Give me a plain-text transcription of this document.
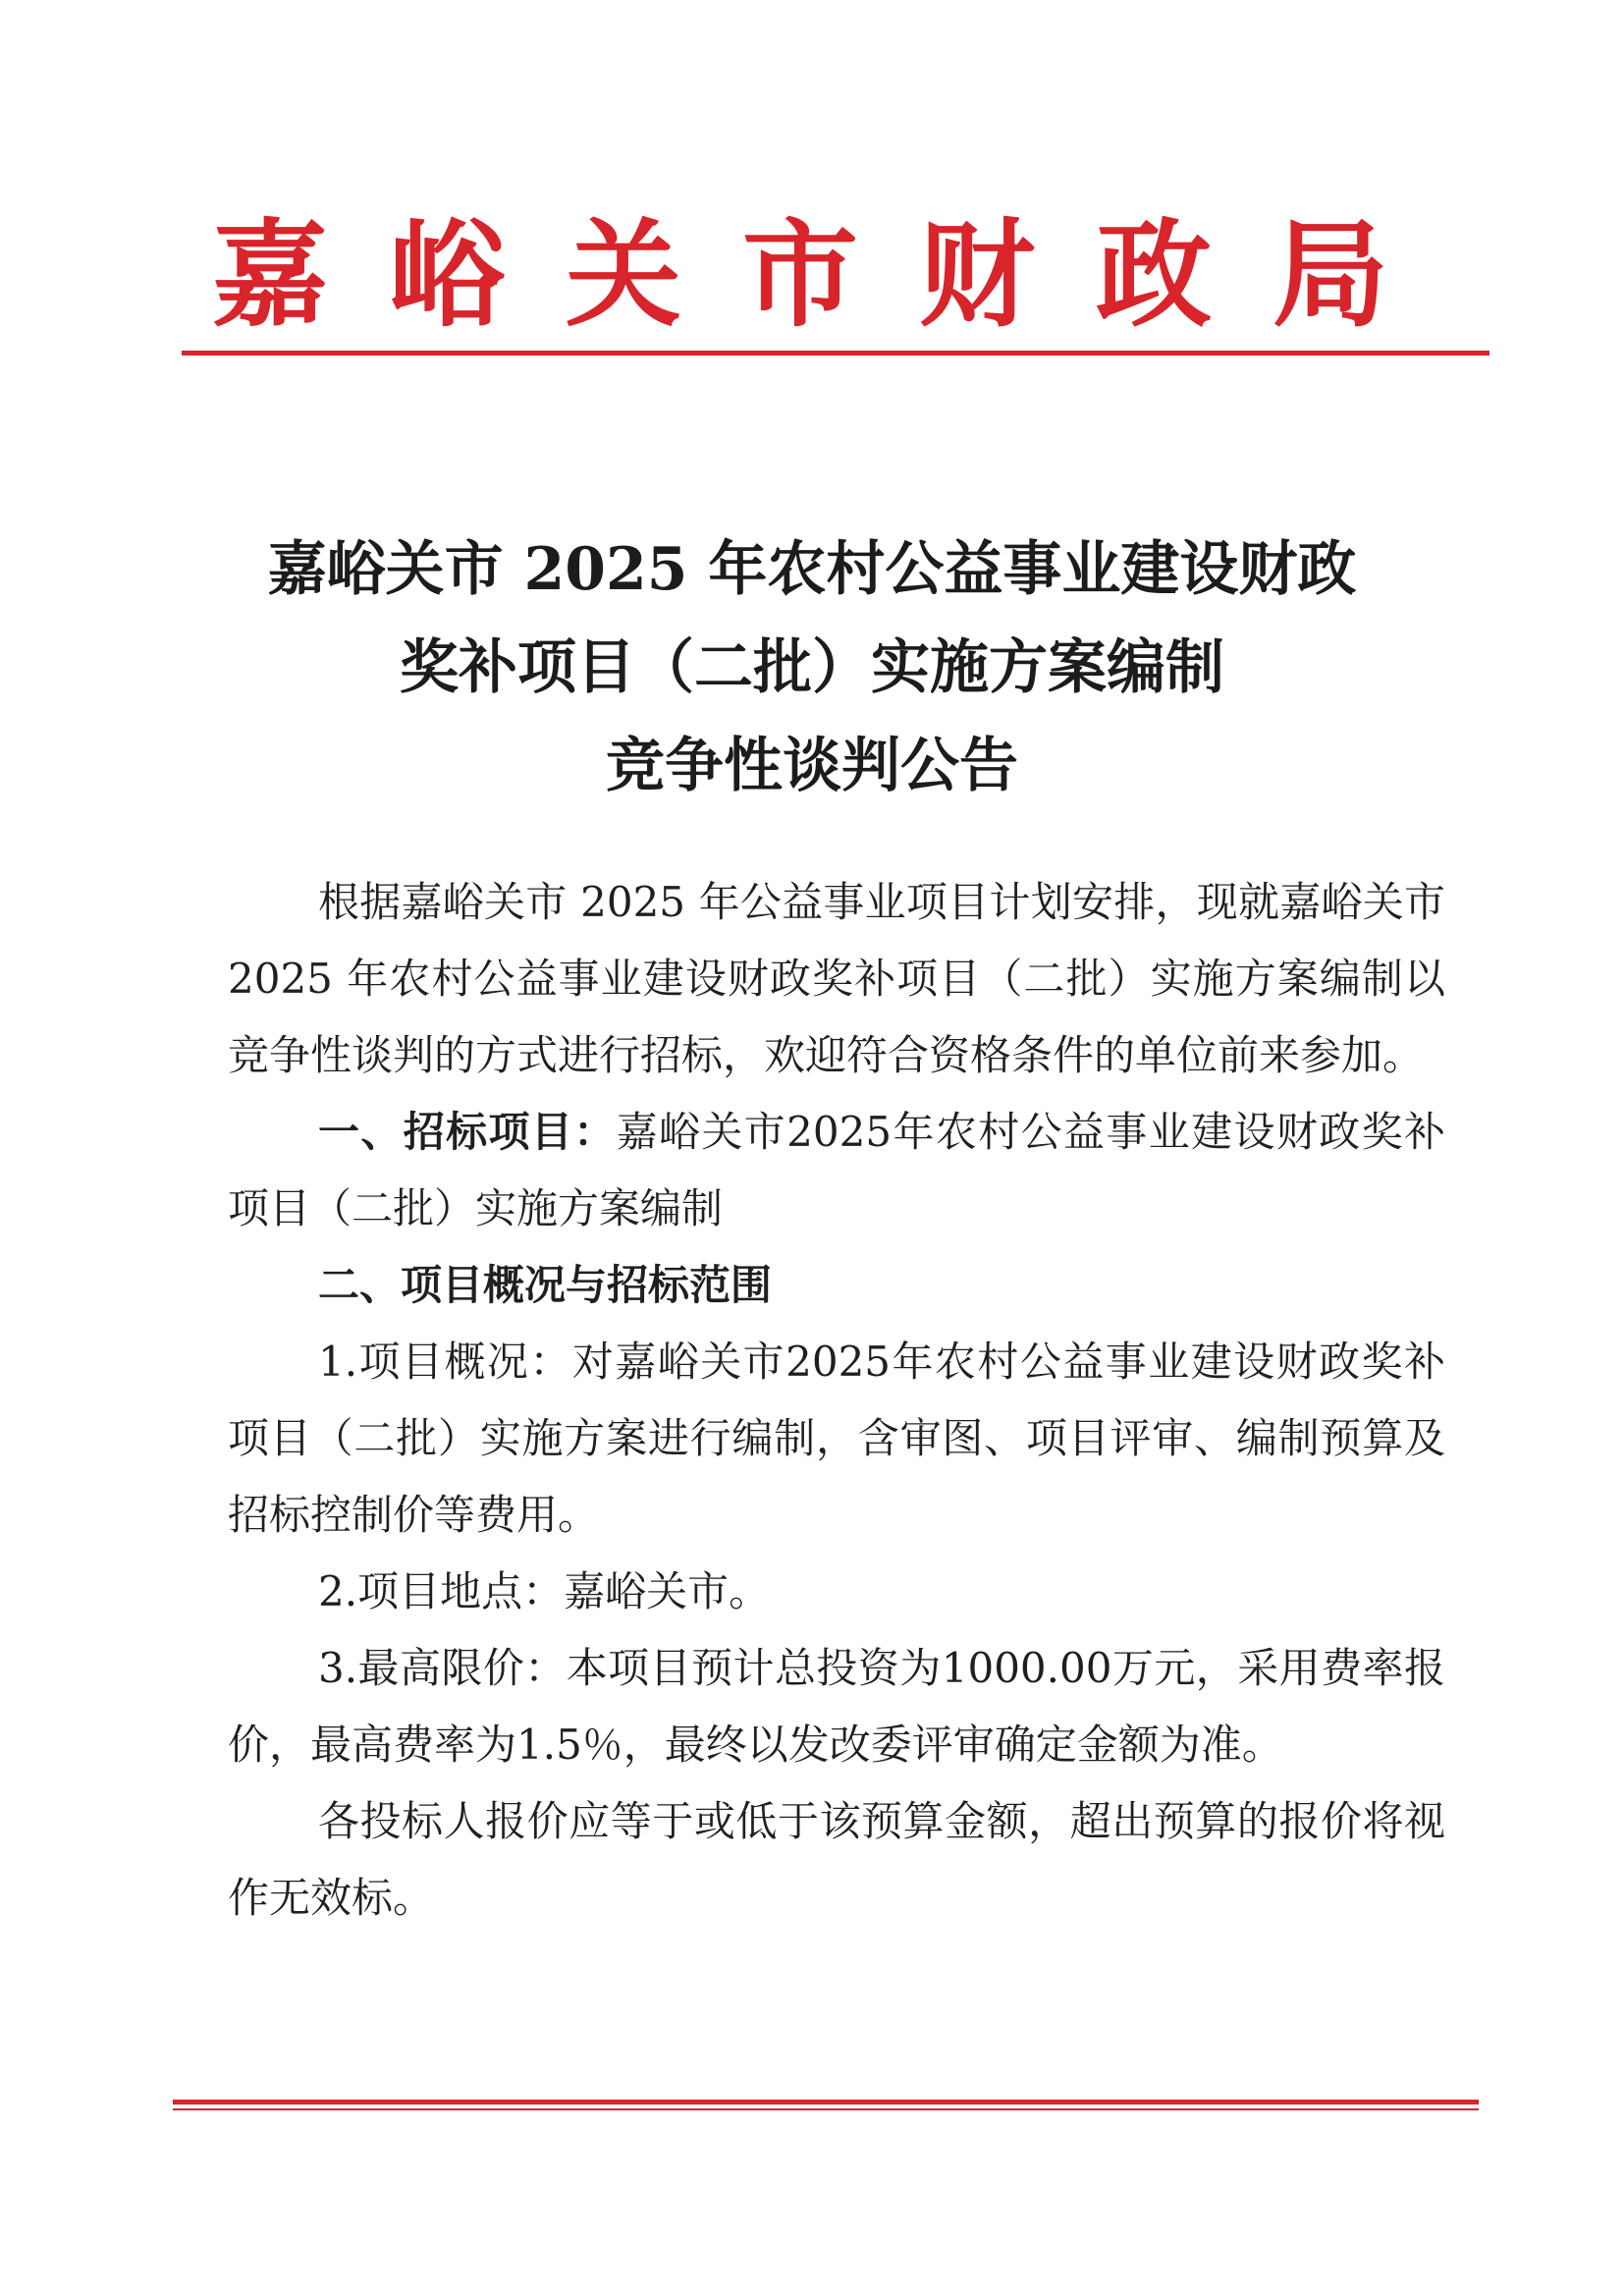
嘉峪关市财政局
嘉峪关市 2025 年农村公益事业建设财政
奖补项目（二批）实施方案编制
竞争性谈判公告

根据嘉峪关市 2025 年公益事业项目计划安排，现就嘉峪关市 2025 年农村公益事业建设财政奖补项目（二批）实施方案编制以竞争性谈判的方式进行招标，欢迎符合资格条件的单位前来参加。

一、招标项目：嘉峪关市2025年农村公益事业建设财政奖补项目（二批）实施方案编制

二、项目概况与招标范围

1.项目概况：对嘉峪关市2025年农村公益事业建设财政奖补项目（二批）实施方案进行编制，含审图、项目评审、编制预算及招标控制价等费用。

2.项目地点：嘉峪关市。

3.最高限价：本项目预计总投资为1000.00万元，采用费率报价，最高费率为1.5％，最终以发改委评审确定金额为准。

各投标人报价应等于或低于该预算金额，超出预算的报价将视作无效标。
